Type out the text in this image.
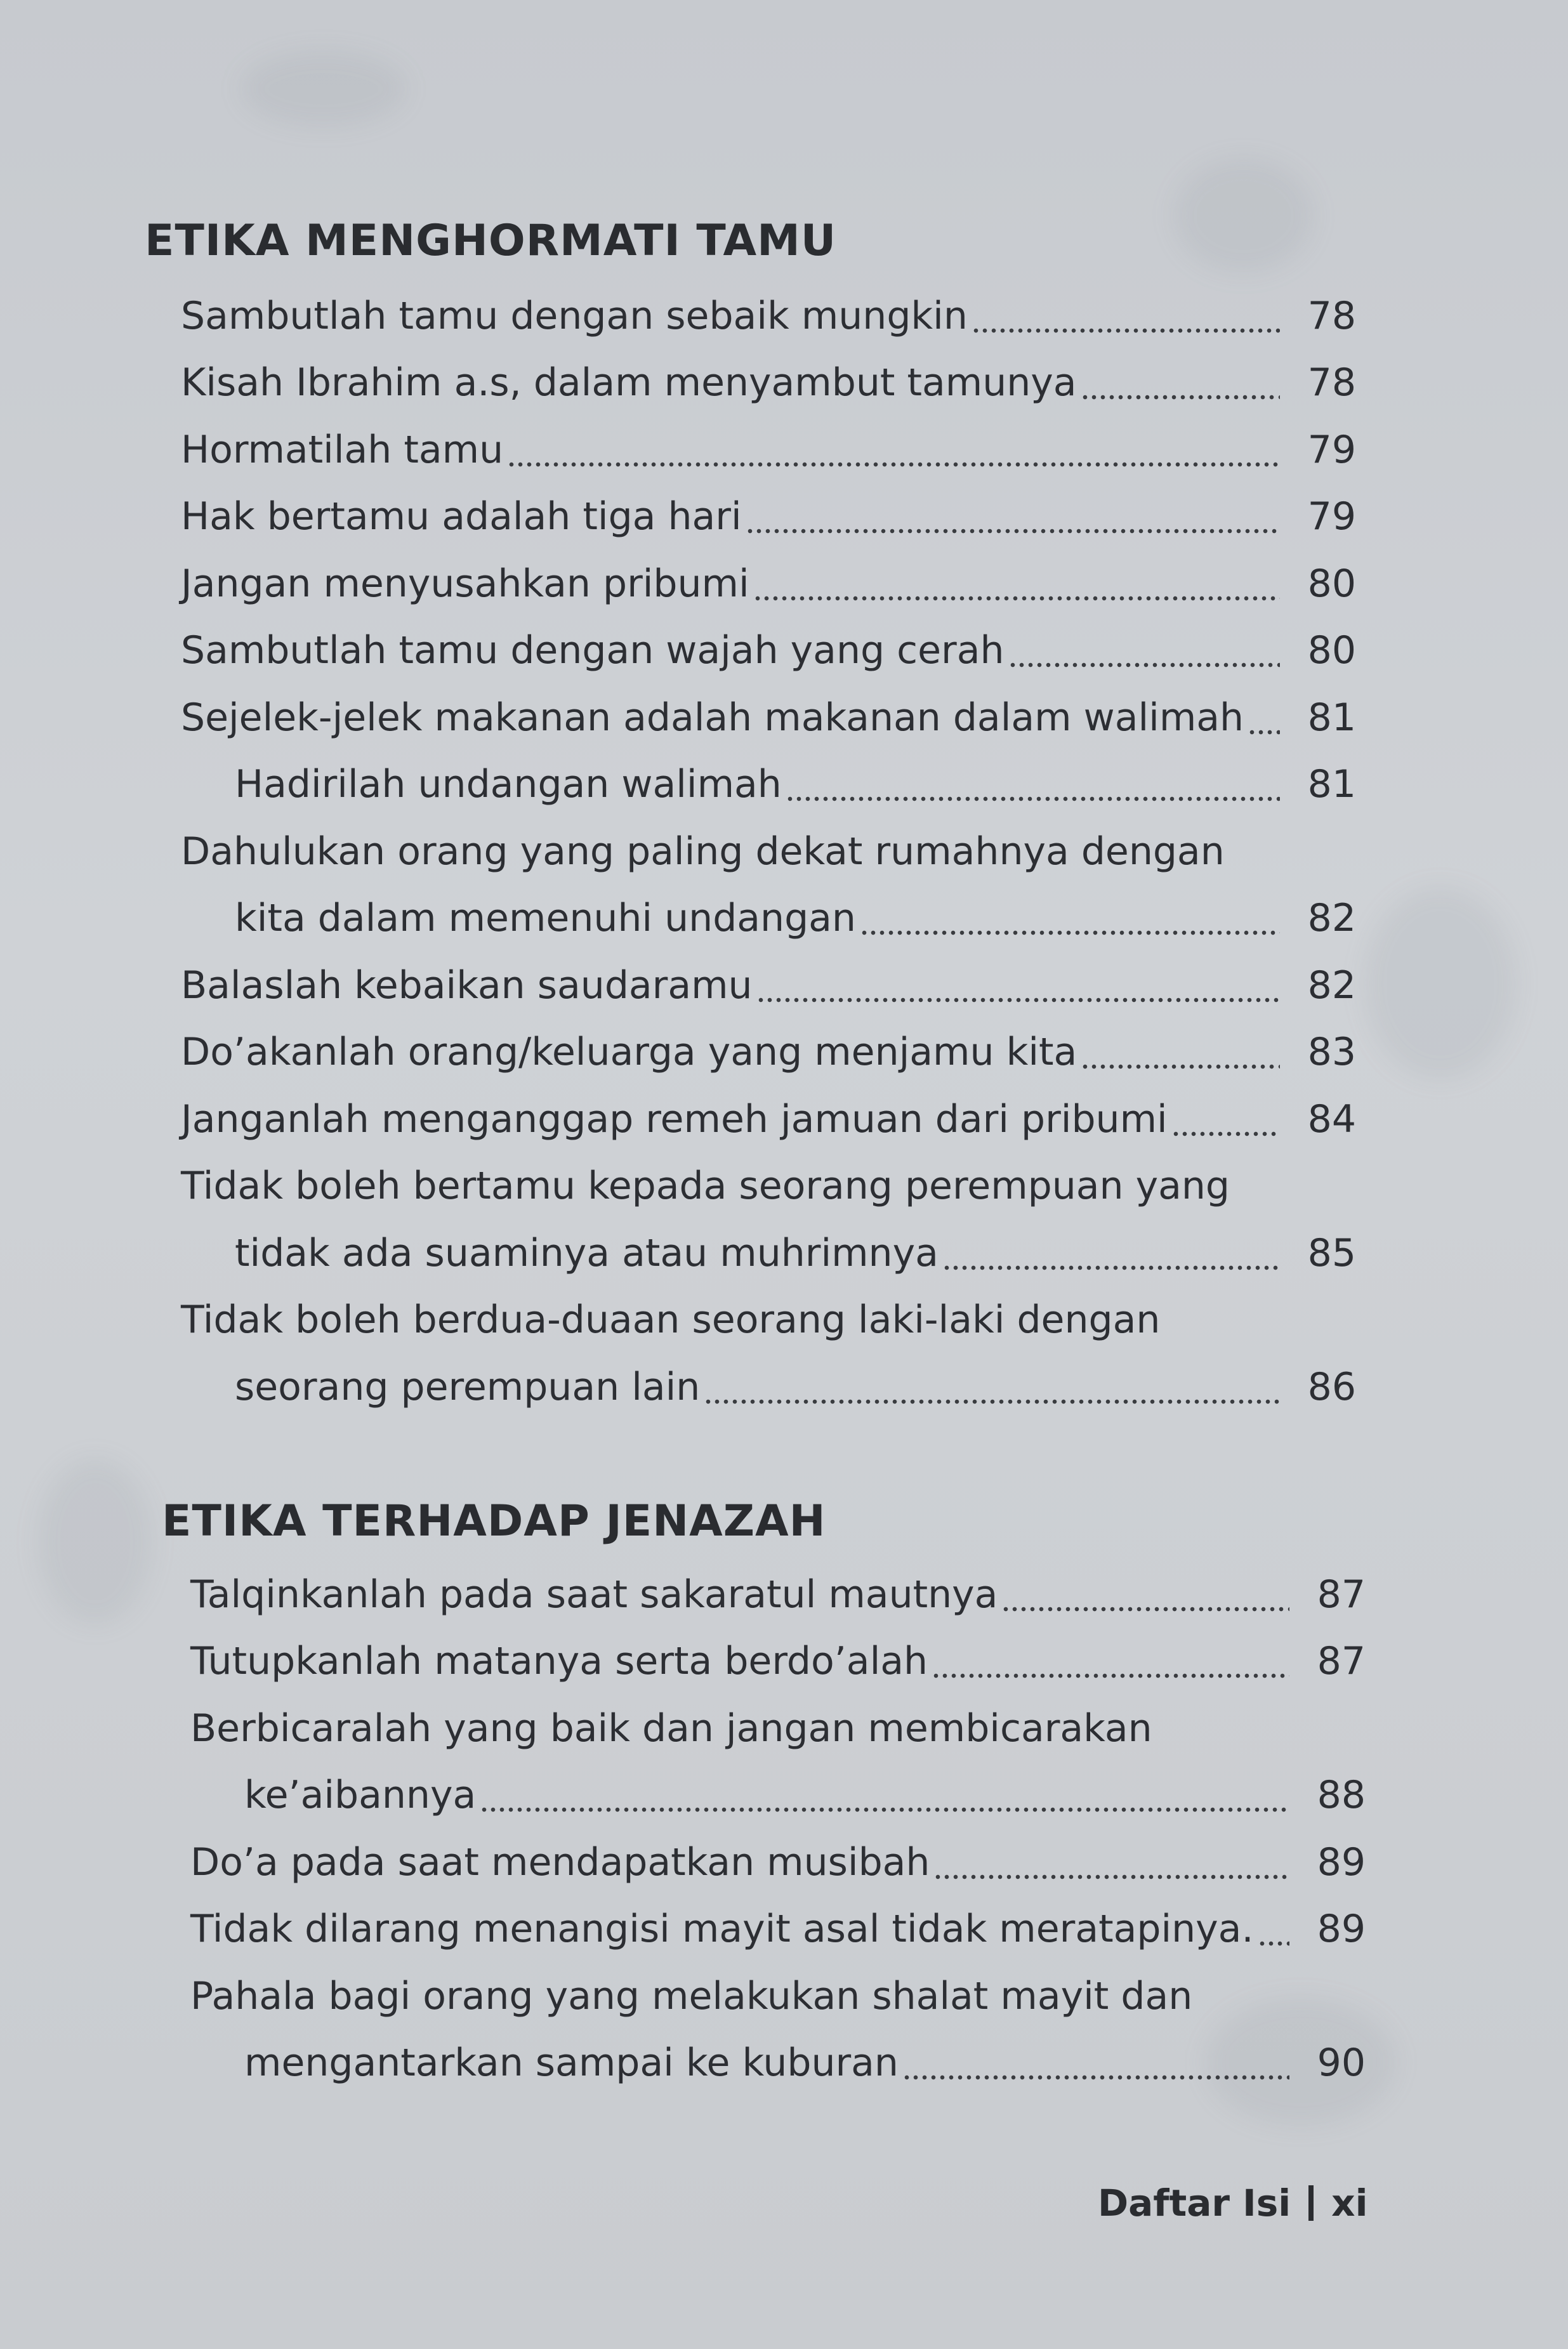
ETIKA MENGHORMATI TAMU
Sambutlah tamu dengan sebaik mungkin	78
Kisah Ibrahim a.s, dalam menyambut tamunya	78
Hormatilah tamu	79
Hak bertamu adalah tiga hari	79
Jangan menyusahkan pribumi	80
Sambutlah tamu dengan wajah yang cerah	80
Sejelek-jelek makanan adalah makanan dalam walimah	81
Hadirilah undangan walimah	81
Dahulukan orang yang paling dekat rumahnya dengan
kita dalam memenuhi undangan	82
Balaslah kebaikan saudaramu	82
Do’akanlah orang/keluarga yang menjamu kita	83
Janganlah menganggap remeh jamuan dari pribumi	84
Tidak boleh bertamu kepada seorang perempuan yang
tidak ada suaminya atau muhrimnya	85
Tidak boleh berdua-duaan seorang laki-laki dengan
seorang perempuan lain	86
ETIKA TERHADAP JENAZAH
Talqinkanlah pada saat sakaratul mautnya	87
Tutupkanlah matanya serta berdo’alah	87
Berbicaralah yang baik dan jangan membicarakan
ke’aibannya	88
Do’a pada saat mendapatkan musibah	89
Tidak dilarang menangisi mayit asal tidak meratapinya.	89
Pahala bagi orang yang melakukan shalat mayit dan
mengantarkan sampai ke kuburan	90
Daftar Isi xi
